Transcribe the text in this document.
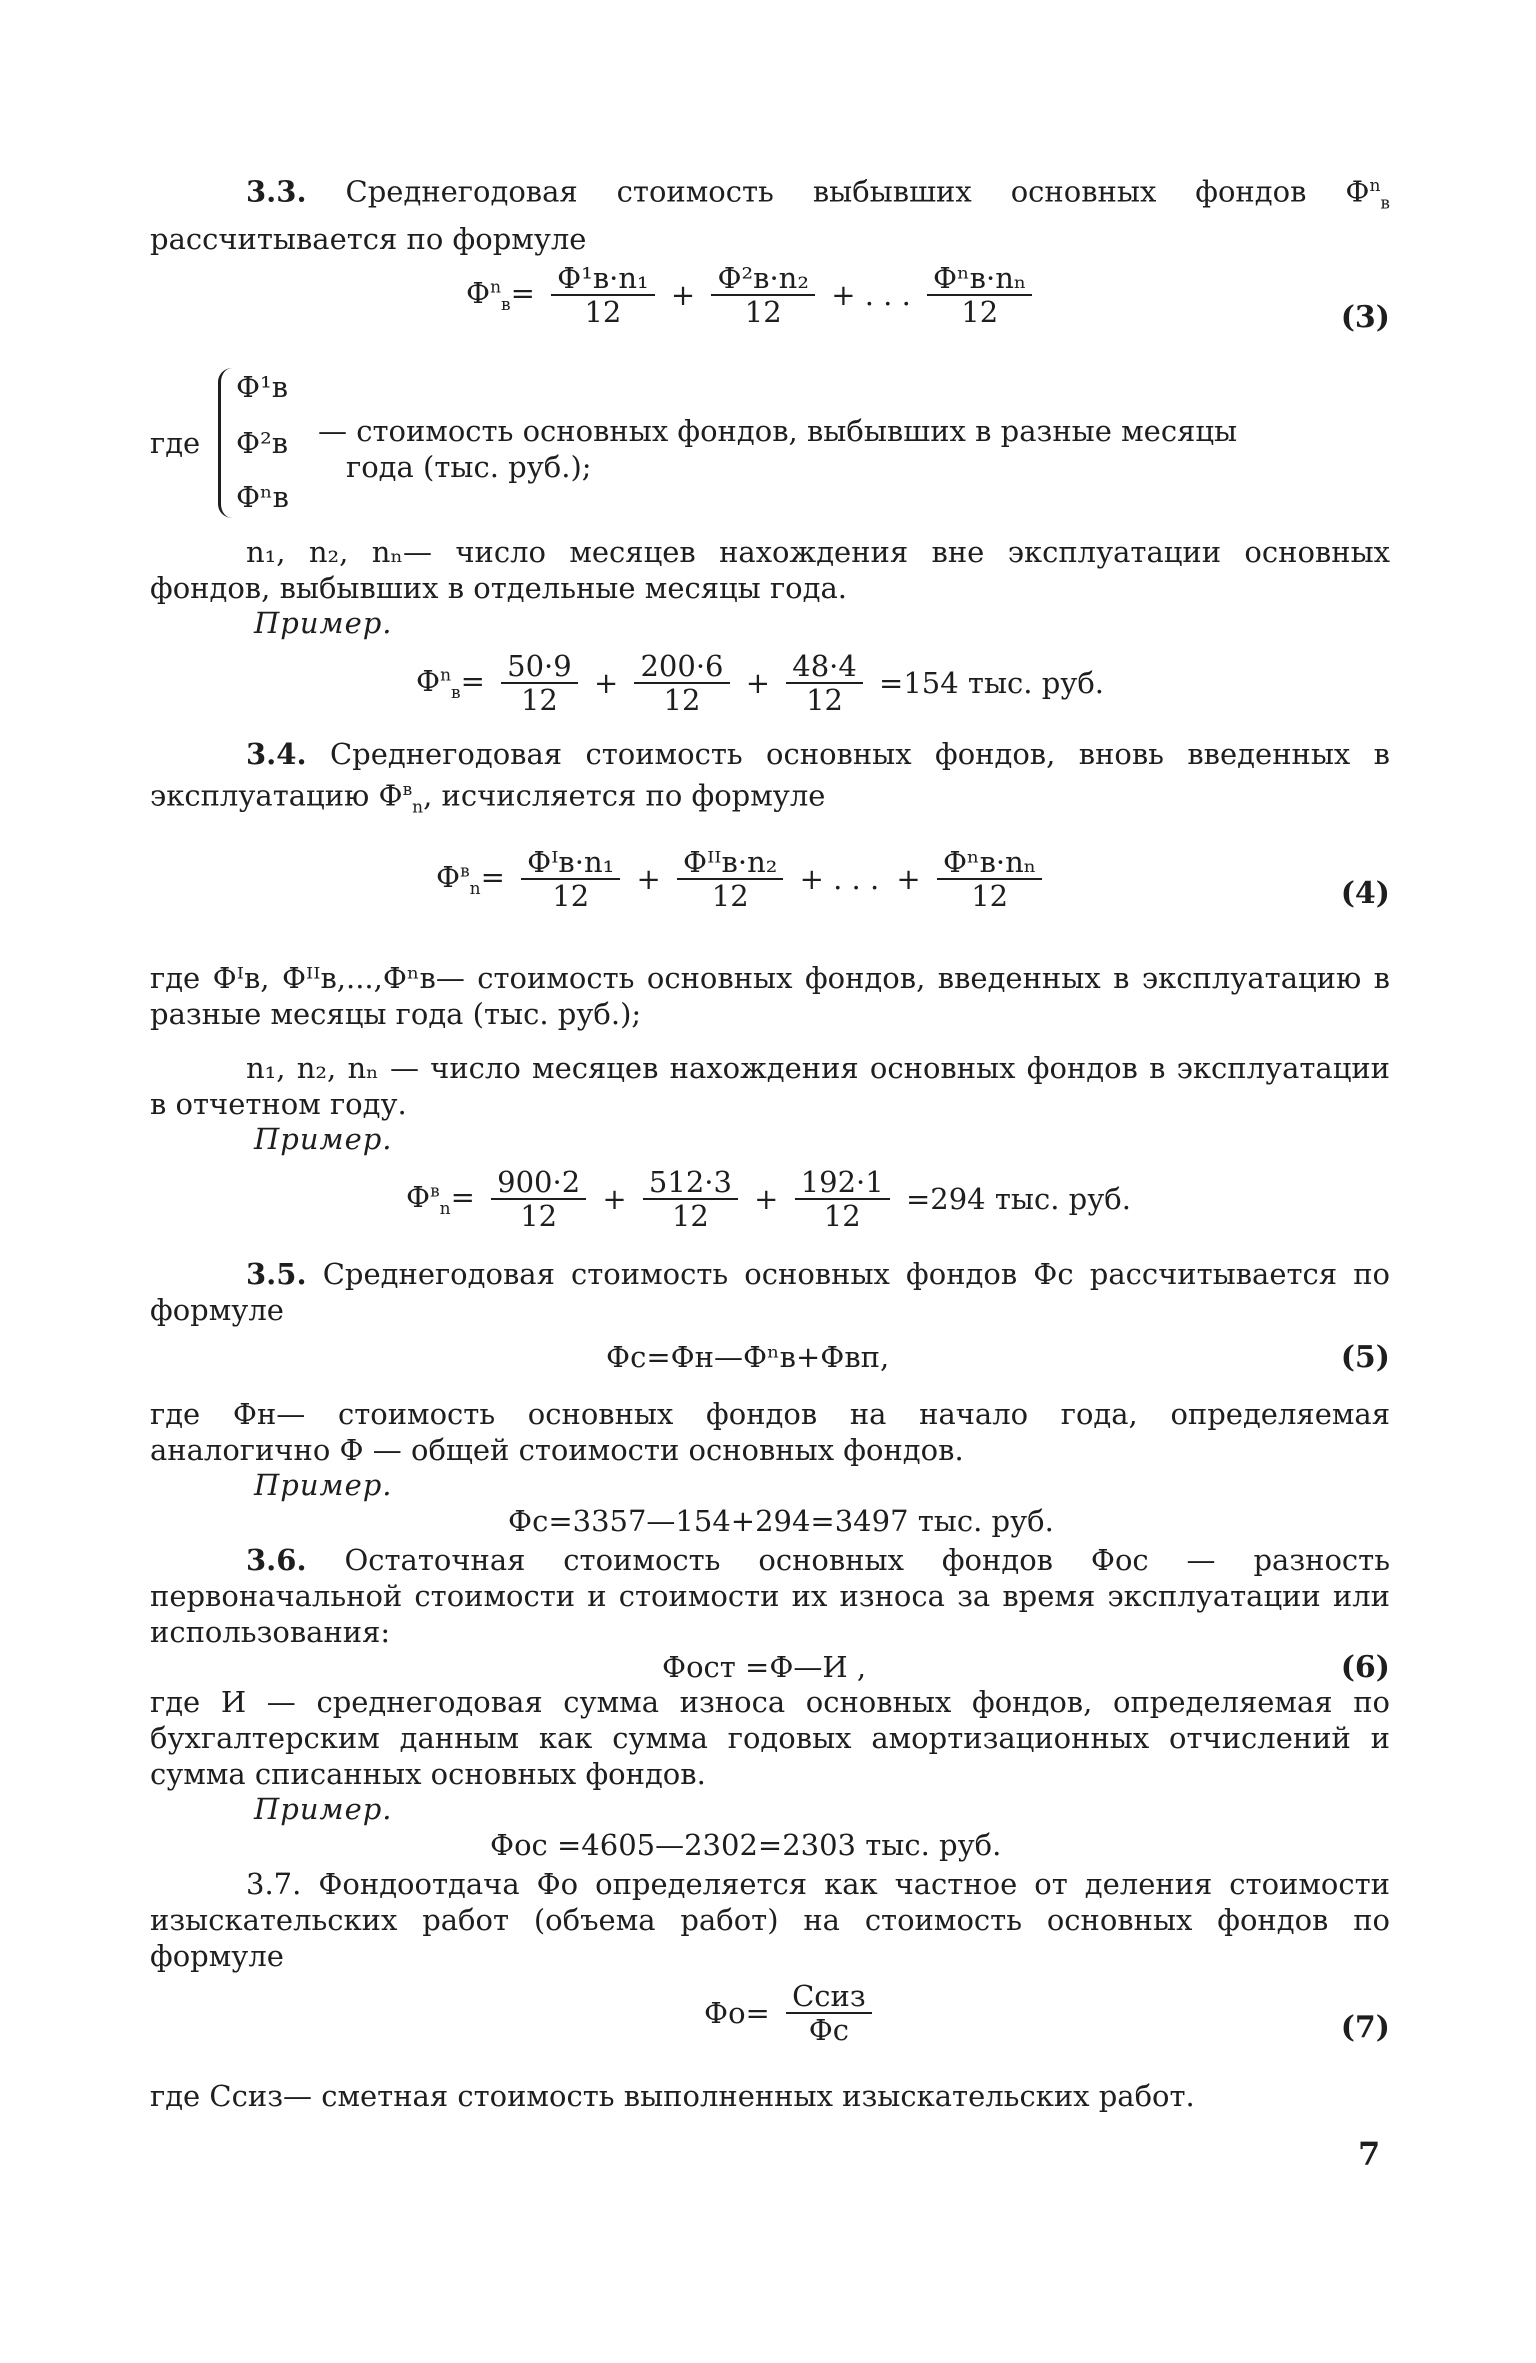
3.3. Среднегодовая стоимость выбывших основных фондов $Ф^n_в$ рассчитывается по формуле
$Ф^n_в= Ф^1в\cdot n_1$
12	+ Ф²в·n₂
12	+ . . . Фⁿв·nₙ
12	(3)
где
Ф¹в
Ф²в
Фⁿв
— стоимость основных фондов, выбывших в разные месяцы
года (тыс. руб.);
n₁, n₂, nₙ— число месяцев нахождения вне эксплуатации основных фондов, выбывших в отдельные месяцы года.
Пример.
$Ф^n_в= \frac{50\cdot 9}{12} + \frac{200\cdot 6}{12} + \frac{48\cdot 4}{12} =154$ тыс. руб.
3.4. Среднегодовая стоимость основных фондов, вновь введенных в эксплуатацию $Ф^в_n$, исчисляется по формуле
$Ф^в_n=$ Фᴵв·n₁
12	+ Фᴵᴵв·n₂
12	+ . . . + Фⁿв·nₙ
12	(4)
где Фᴵв, Фᴵᴵв,...,Фⁿв— стоимость основных фондов, введенных в эксплуатацию в разные месяцы года (тыс. руб.);
n₁, n₂, nₙ — число месяцев нахождения основных фондов в эксплуатации в отчетном году.
Пример.
$Ф^в_n= \frac{900\cdot 2}{12} + \frac{512\cdot 3}{12} + \frac{192\cdot 1}{12} =294$ тыс. руб.
3.5. Среднегодовая стоимость основных фондов Фс рассчитывается по формуле
Фс=Фн—Фⁿв+Фвп,	(5)
где Фн— стоимость основных фондов на начало года, определяемая аналогично Ф — общей стоимости основных фондов.
Пример.
Фс=3357—154+294=3497 тыс. руб.
3.6. Остаточная стоимость основных фондов Фос — разность первоначальной стоимости и стоимости их износа за время эксплуатации или использования:
Фост =Ф—И ,	(6)
где И — среднегодовая сумма износа основных фондов, определяемая по бухгалтерским данным как сумма годовых амортизационных отчислений и сумма списанных основных фондов.
Пример.
Фос =4605—2302=2303 тыс. руб.
3.7. Фондоотдача Фо определяется как частное от деления стоимости изыскательских работ (объема работ) на стоимость основных фондов по формуле
Фо= Ссиз
Фс	(7)
где Ссиз— сметная стоимость выполненных изыскательских работ.
7
